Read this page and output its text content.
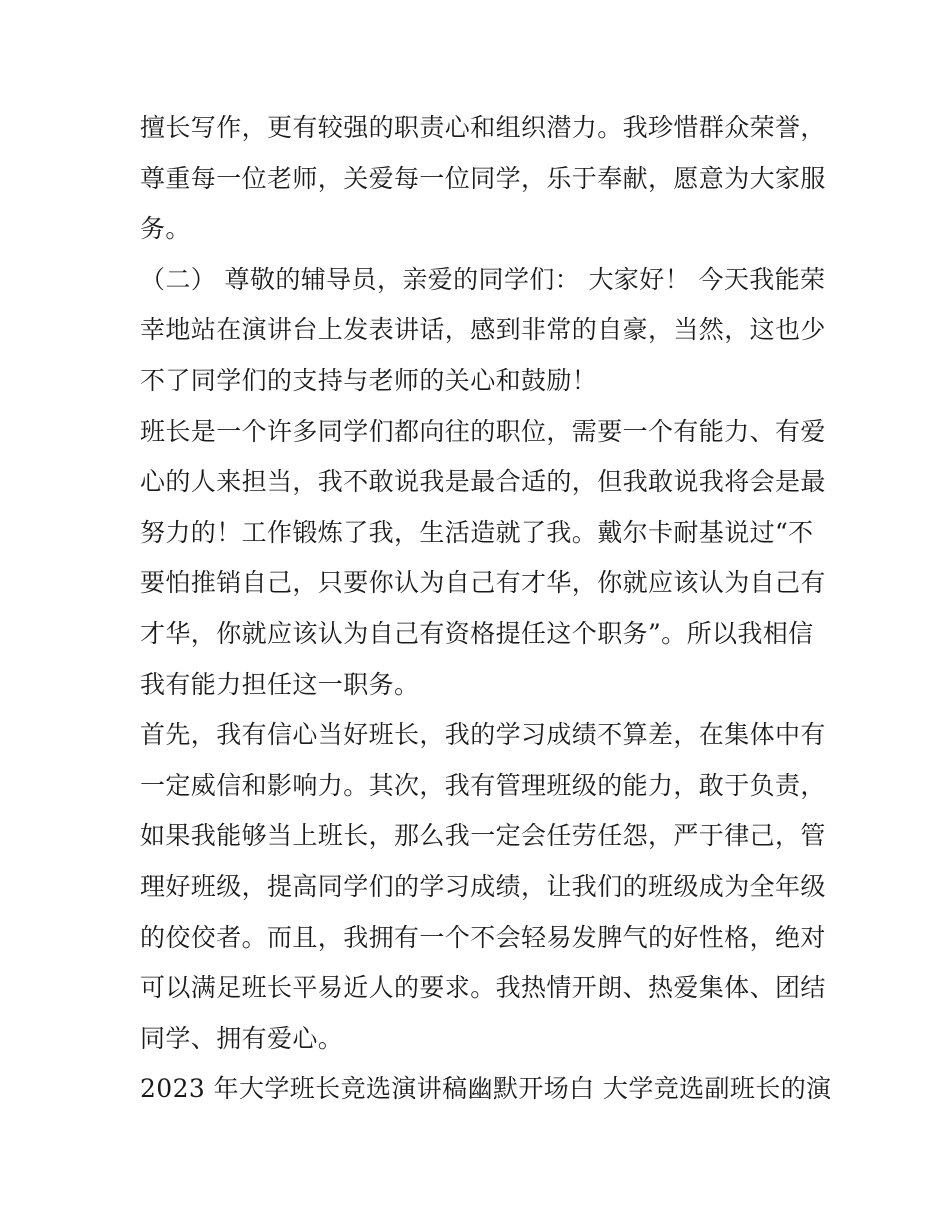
擅长写作，更有较强的职责心和组织潜力。我珍惜群众荣誉，
尊重每一位老师，关爱每一位同学，乐于奉献，愿意为大家服
务。
（二） 尊敬的辅导员，亲爱的同学们： 大家好！ 今天我能荣
幸地站在演讲台上发表讲话，感到非常的自豪，当然，这也少
不了同学们的支持与老师的关心和鼓励！
班长是一个许多同学们都向往的职位，需要一个有能力、有爱
心的人来担当，我不敢说我是最合适的，但我敢说我将会是最
努力的！工作锻炼了我，生活造就了我。戴尔卡耐基说过“不
要怕推销自己，只要你认为自己有才华，你就应该认为自己有
才华，你就应该认为自己有资格提任这个职务”。所以我相信
我有能力担任这一职务。
首先，我有信心当好班长，我的学习成绩不算差，在集体中有
一定威信和影响力。其次，我有管理班级的能力，敢于负责，
如果我能够当上班长，那么我一定会任劳任怨，严于律己，管
理好班级，提高同学们的学习成绩，让我们的班级成为全年级
的佼佼者。而且，我拥有一个不会轻易发脾气的好性格，绝对
可以满足班长平易近人的要求。我热情开朗、热爱集体、团结
同学、拥有爱心。
2023 年大学班长竞选演讲稿幽默开场白 大学竞选副班长的演
